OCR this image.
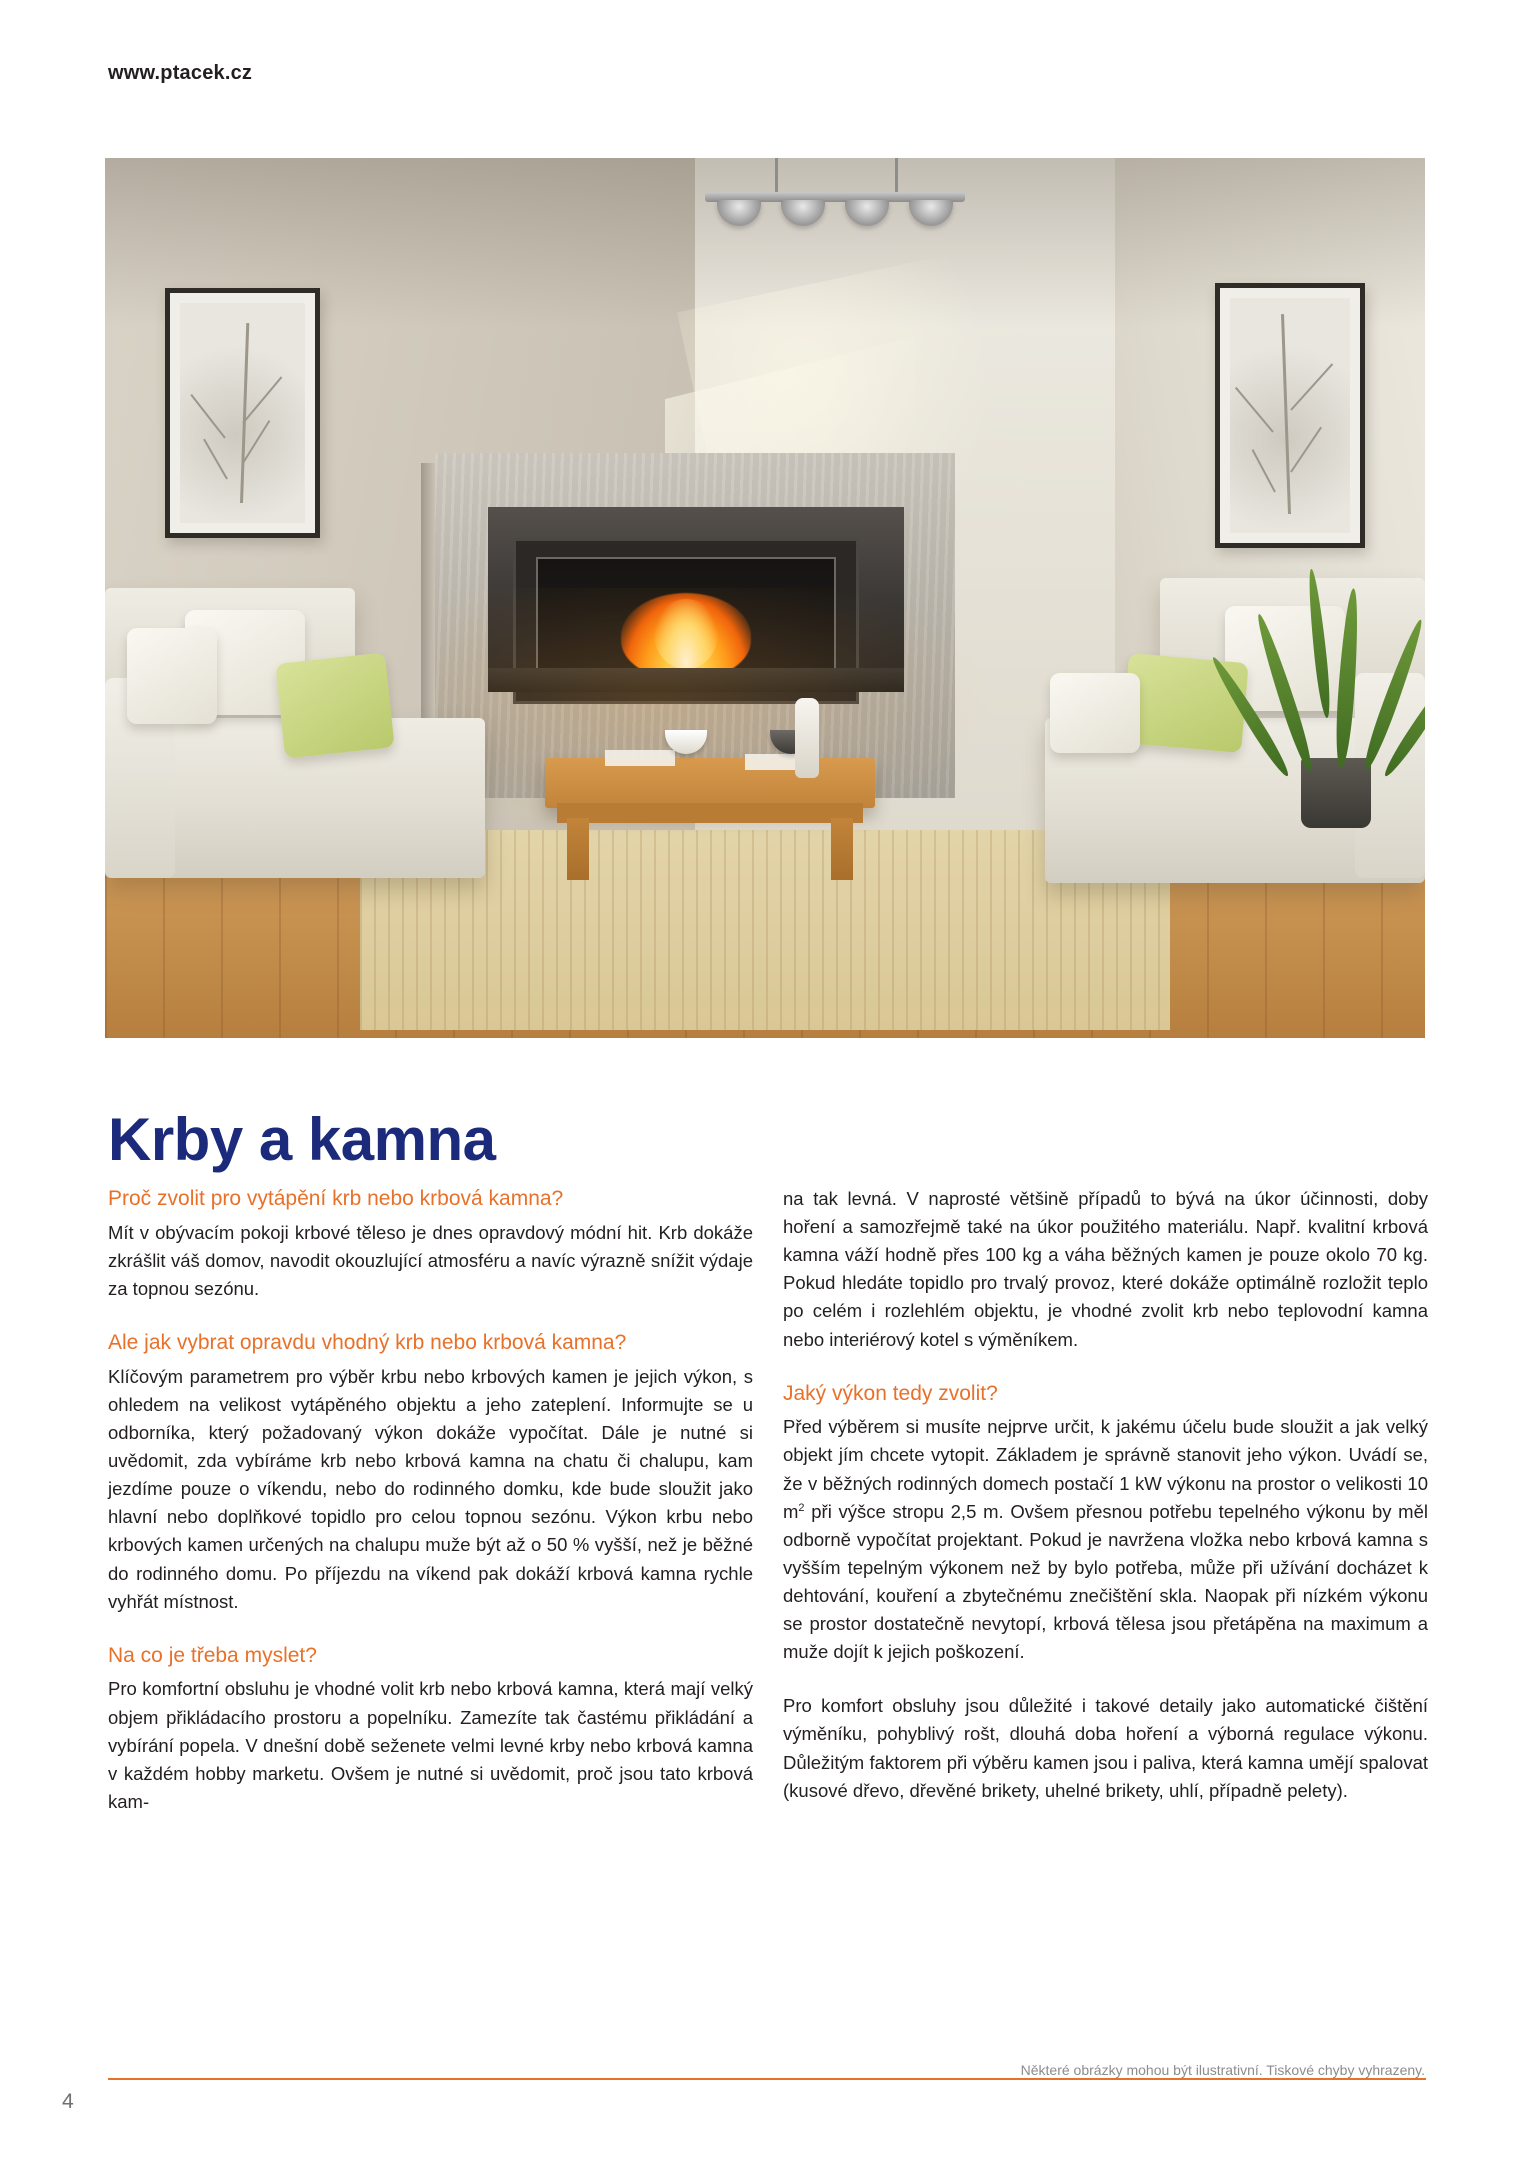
www.ptacek.cz
Krby a kamna

Proč zvolit pro vytápění krb nebo krbová kamna?

Mít v obývacím pokoji krbové těleso je dnes opravdový módní hit. Krb dokáže zkrášlit váš domov, navodit okouzlující atmosféru a navíc výrazně snížit výdaje za topnou sezónu.

Ale jak vybrat opravdu vhodný krb nebo krbová kamna?

Klíčovým parametrem pro výběr krbu nebo krbových kamen je jejich výkon, s ohledem na velikost vytápěného objektu a jeho zateplení. Informujte se u odborníka, který požadovaný výkon dokáže vypočítat. Dále je nutné si uvědomit, zda vybíráme krb nebo krbová kamna na chatu či chalupu, kam jezdíme pouze o víkendu, nebo do rodinného domku, kde bude sloužit jako hlavní nebo doplňkové topidlo pro celou topnou sezónu. Výkon krbu nebo krbových kamen určených na chalupu muže být až o 50 % vyšší, než je běžné do rodinného domu. Po příjezdu na víkend pak dokáží krbová kamna rychle vyhřát místnost.

Na co je třeba myslet?

Pro komfortní obsluhu je vhodné volit krb nebo krbová kamna, která mají velký objem přikládacího prostoru a popelníku. Zamezíte tak častému přikládání a vybírání popela. V dnešní době seženete velmi levné krby nebo krbová kamna v každém hobby marketu. Ovšem je nutné si uvědomit, proč jsou tato krbová kam-

na tak levná. V naprosté většině případů to bývá na úkor účinnosti, doby hoření a samozřejmě také na úkor použitého materiálu. Např. kvalitní krbová kamna váží hodně přes 100 kg a váha běžných kamen je pouze okolo 70 kg. Pokud hledáte topidlo pro trvalý provoz, které dokáže optimálně rozložit teplo po celém i rozlehlém objektu, je vhodné zvolit krb nebo teplovodní kamna nebo interiérový kotel s výměníkem.

Jaký výkon tedy zvolit?

Před výběrem si musíte nejprve určit, k jakému účelu bude sloužit a jak velký objekt jím chcete vytopit. Základem je správně stanovit jeho výkon. Uvádí se, že v běžných rodinných domech postačí 1 kW výkonu na prostor o velikosti 10 $m^2$ při výšce stropu 2,5 m. Ovšem přesnou potřebu tepelného výkonu by měl odborně vypočítat projektant. Pokud je navržena vložka nebo krbová kamna s vyšším tepelným výkonem než by bylo potřeba, může při užívání docházet k dehtování, kouření a zbytečnému znečištění skla. Naopak při nízkém výkonu se prostor dostatečně nevytopí, krbová tělesa jsou přetápěna na maximum a muže dojít k jejich poškození.

Pro komfort obsluhy jsou důležité i takové detaily jako automatické čištění výměníku, pohyblivý rošt, dlouhá doba hoření a výborná regulace výkonu. Důležitým faktorem při výběru kamen jsou i paliva, která kamna umějí spalovat (kusové dřevo, dřevěné brikety, uhelné brikety, uhlí, případně pelety).

Některé obrázky mohou být ilustrativní. Tiskové chyby vyhrazeny.
4
